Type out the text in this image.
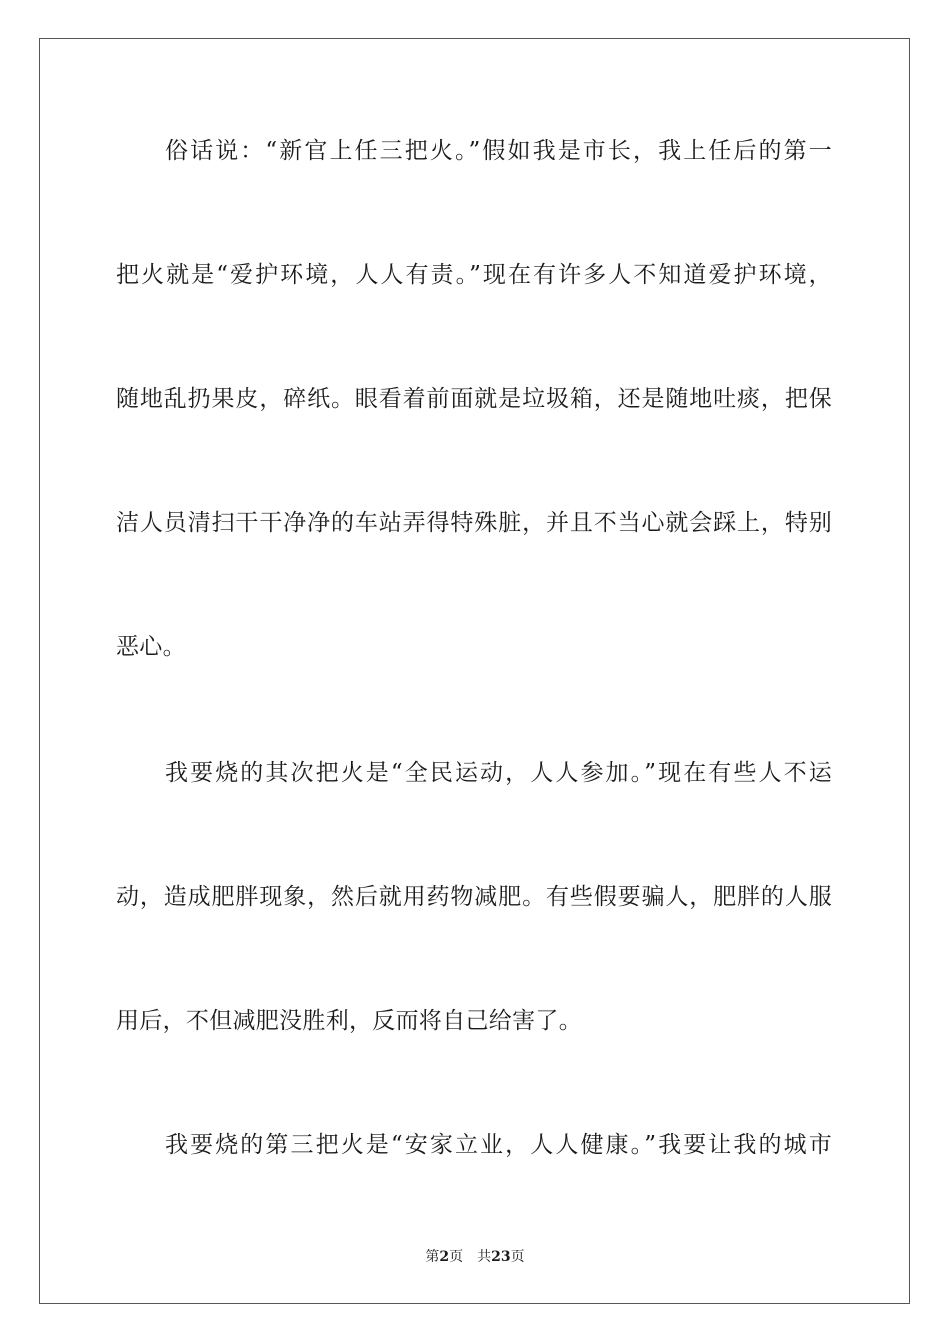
俗话说：“新官上任三把火。”假如我是市长，我上任后的第一
把火就是“爱护环境，人人有责。”现在有许多人不知道爱护环境，
随地乱扔果皮，碎纸。眼看着前面就是垃圾箱，还是随地吐痰，把保
洁人员清扫干干净净的车站弄得特殊脏，并且不当心就会踩上，特别
恶心。
我要烧的其次把火是“全民运动，人人参加。”现在有些人不运
动，造成肥胖现象，然后就用药物减肥。有些假要骗人，肥胖的人服
用后，不但减肥没胜利，反而将自己给害了。
我要烧的第三把火是“安家立业，人人健康。”我要让我的城市
第2页 共23页
